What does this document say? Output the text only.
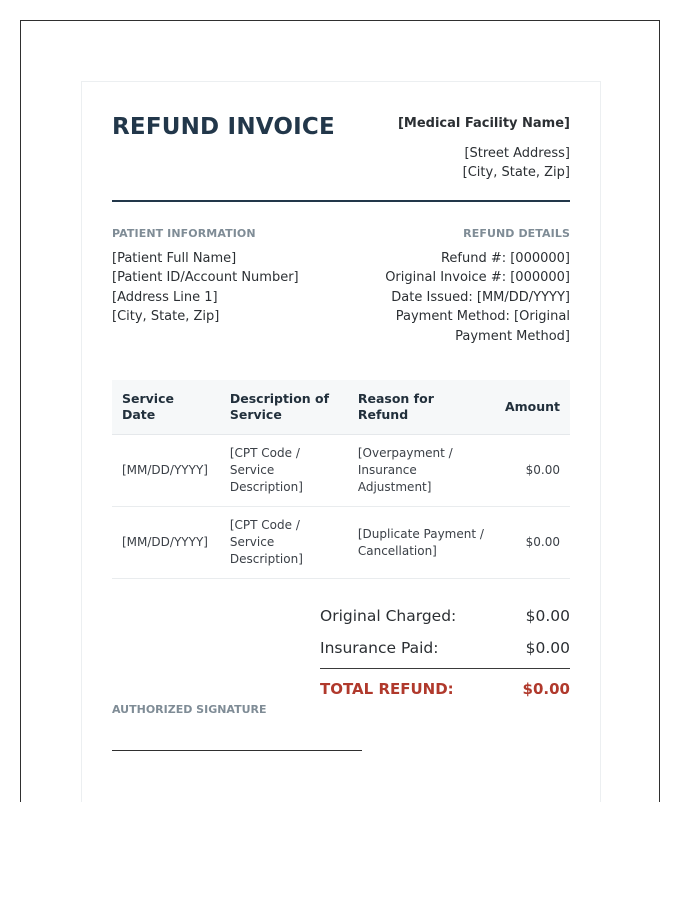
REFUND INVOICE	[Medical Facility Name]
[Street Address]
[City, State, Zip]
PATIENT INFORMATION
[Patient Full Name]
[Patient ID/Account Number]
[Address Line 1]
[City, State, Zip]
REFUND DETAILS
Refund #: [000000]
Original Invoice #: [000000]
Date Issued: [MM/DD/YYYY]
Payment Method: [Original Payment Method]
Service Date	Description of Service	Reason for Refund	Amount
[MM/DD/YYYY]	[CPT Code / Service Description]	[Overpayment / Insurance Adjustment]	$0.00
[MM/DD/YYYY]	[CPT Code / Service Description]	[Duplicate Payment / Cancellation]	$0.00
Original Charged:	$0.00
Insurance Paid:	$0.00
TOTAL REFUND:	$0.00
AUTHORIZED SIGNATURE
